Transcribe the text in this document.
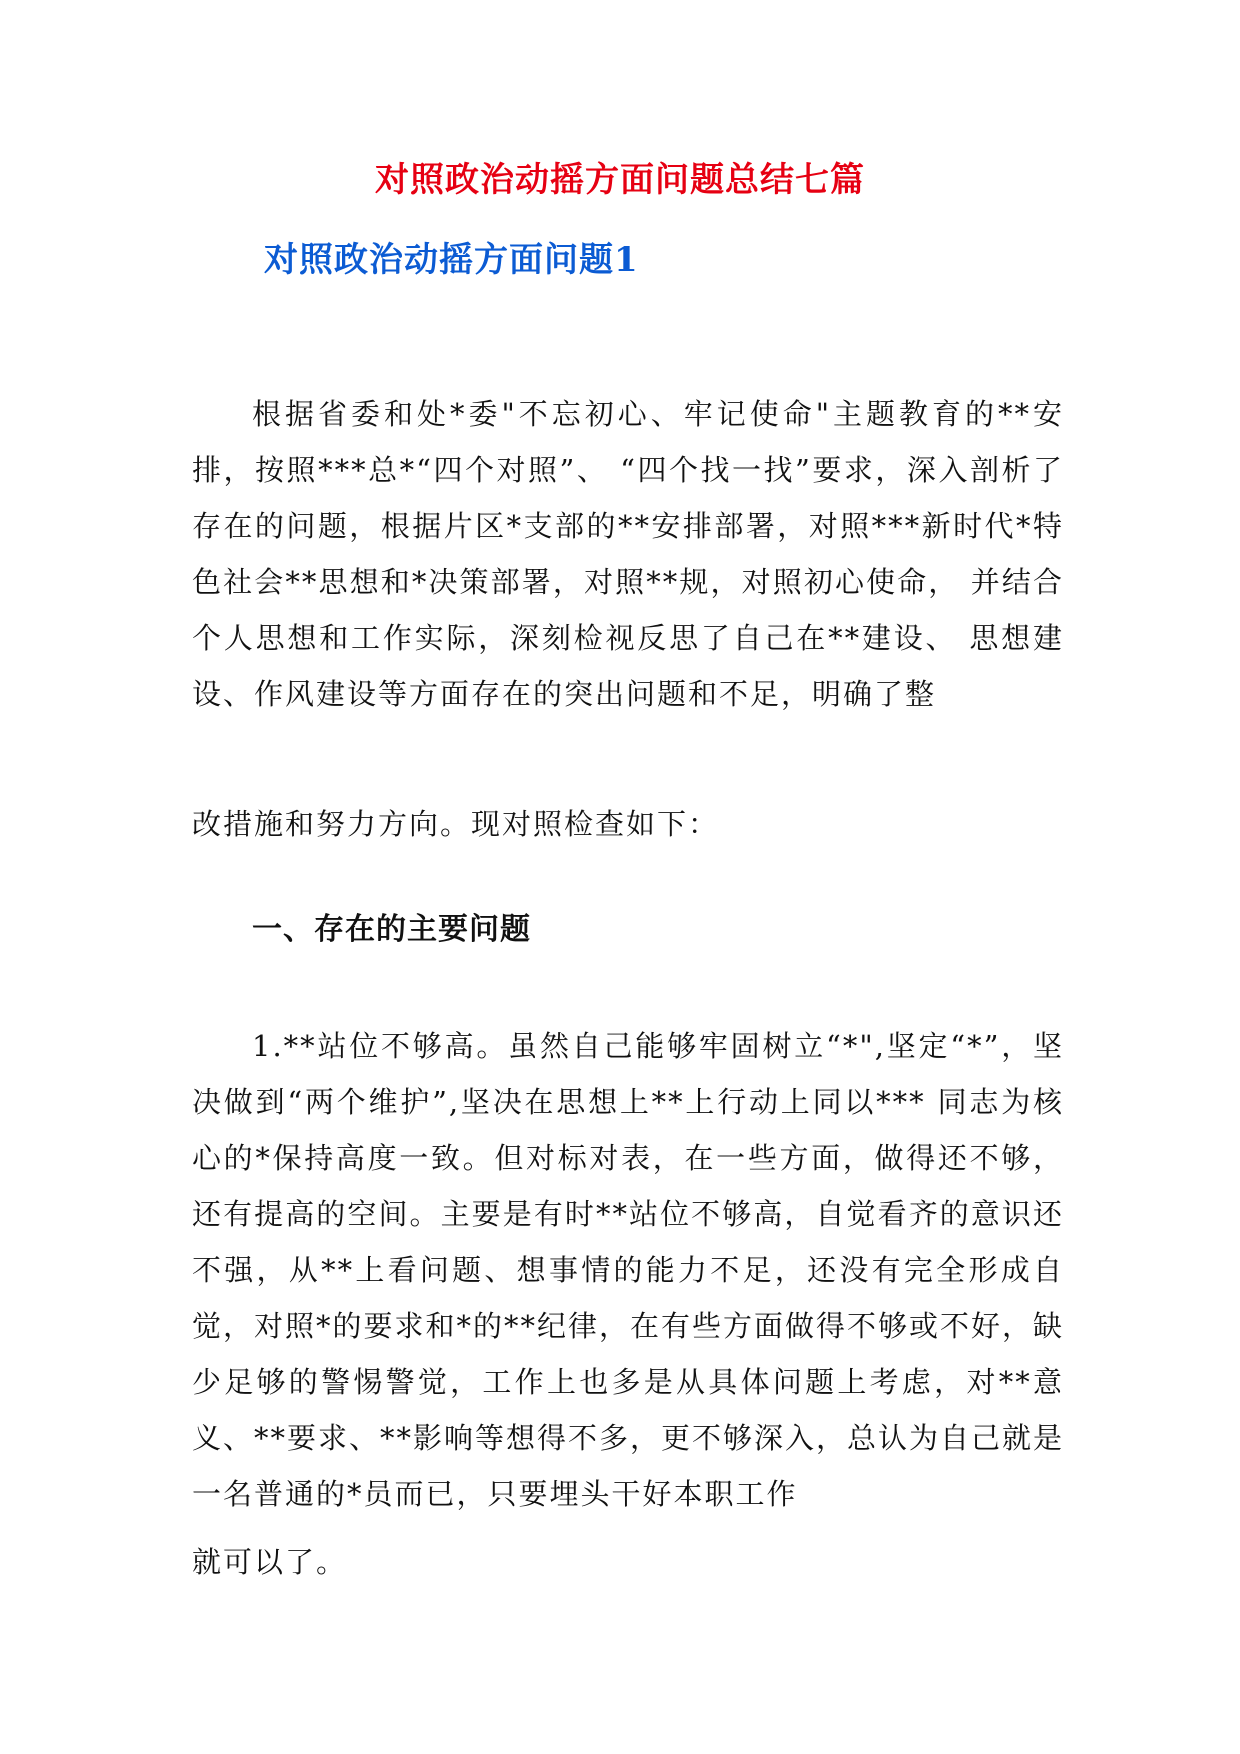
对照政治动摇方面问题总结七篇
对照政治动摇方面问题1

根据省委和处*委"不忘初心、牢记使命"主题教育的**安排，按照***总*“四个对照”、 “四个找一找”要求，深入剖析了存在的问题，根据片区*支部的**安排部署，对照***新时代*特色社会**思想和*决策部署，对照**规，对照初心使命， 并结合个人思想和工作实际，深刻检视反思了自己在**建设、 思想建设、作风建设等方面存在的突出问题和不足，明确了整

改措施和努力方向。现对照检查如下：

一、存在的主要问题

1.**站位不够高。虽然自己能够牢固树立“*",坚定“*”，坚决做到“两个维护”,坚决在思想上**上行动上同以*** 同志为核心的*保持高度一致。但对标对表，在一些方面，做得还不够，还有提高的空间。主要是有时**站位不够高，自觉看齐的意识还不强，从**上看问题、想事情的能力不足，还没有完全形成自觉，对照*的要求和*的**纪律，在有些方面做得不够或不好，缺少足够的警惕警觉，工作上也多是从具体问题上考虑，对**意义、**要求、**影响等想得不多，更不够深入，总认为自己就是一名普通的*员而已，只要埋头干好本职工作

就可以了。
